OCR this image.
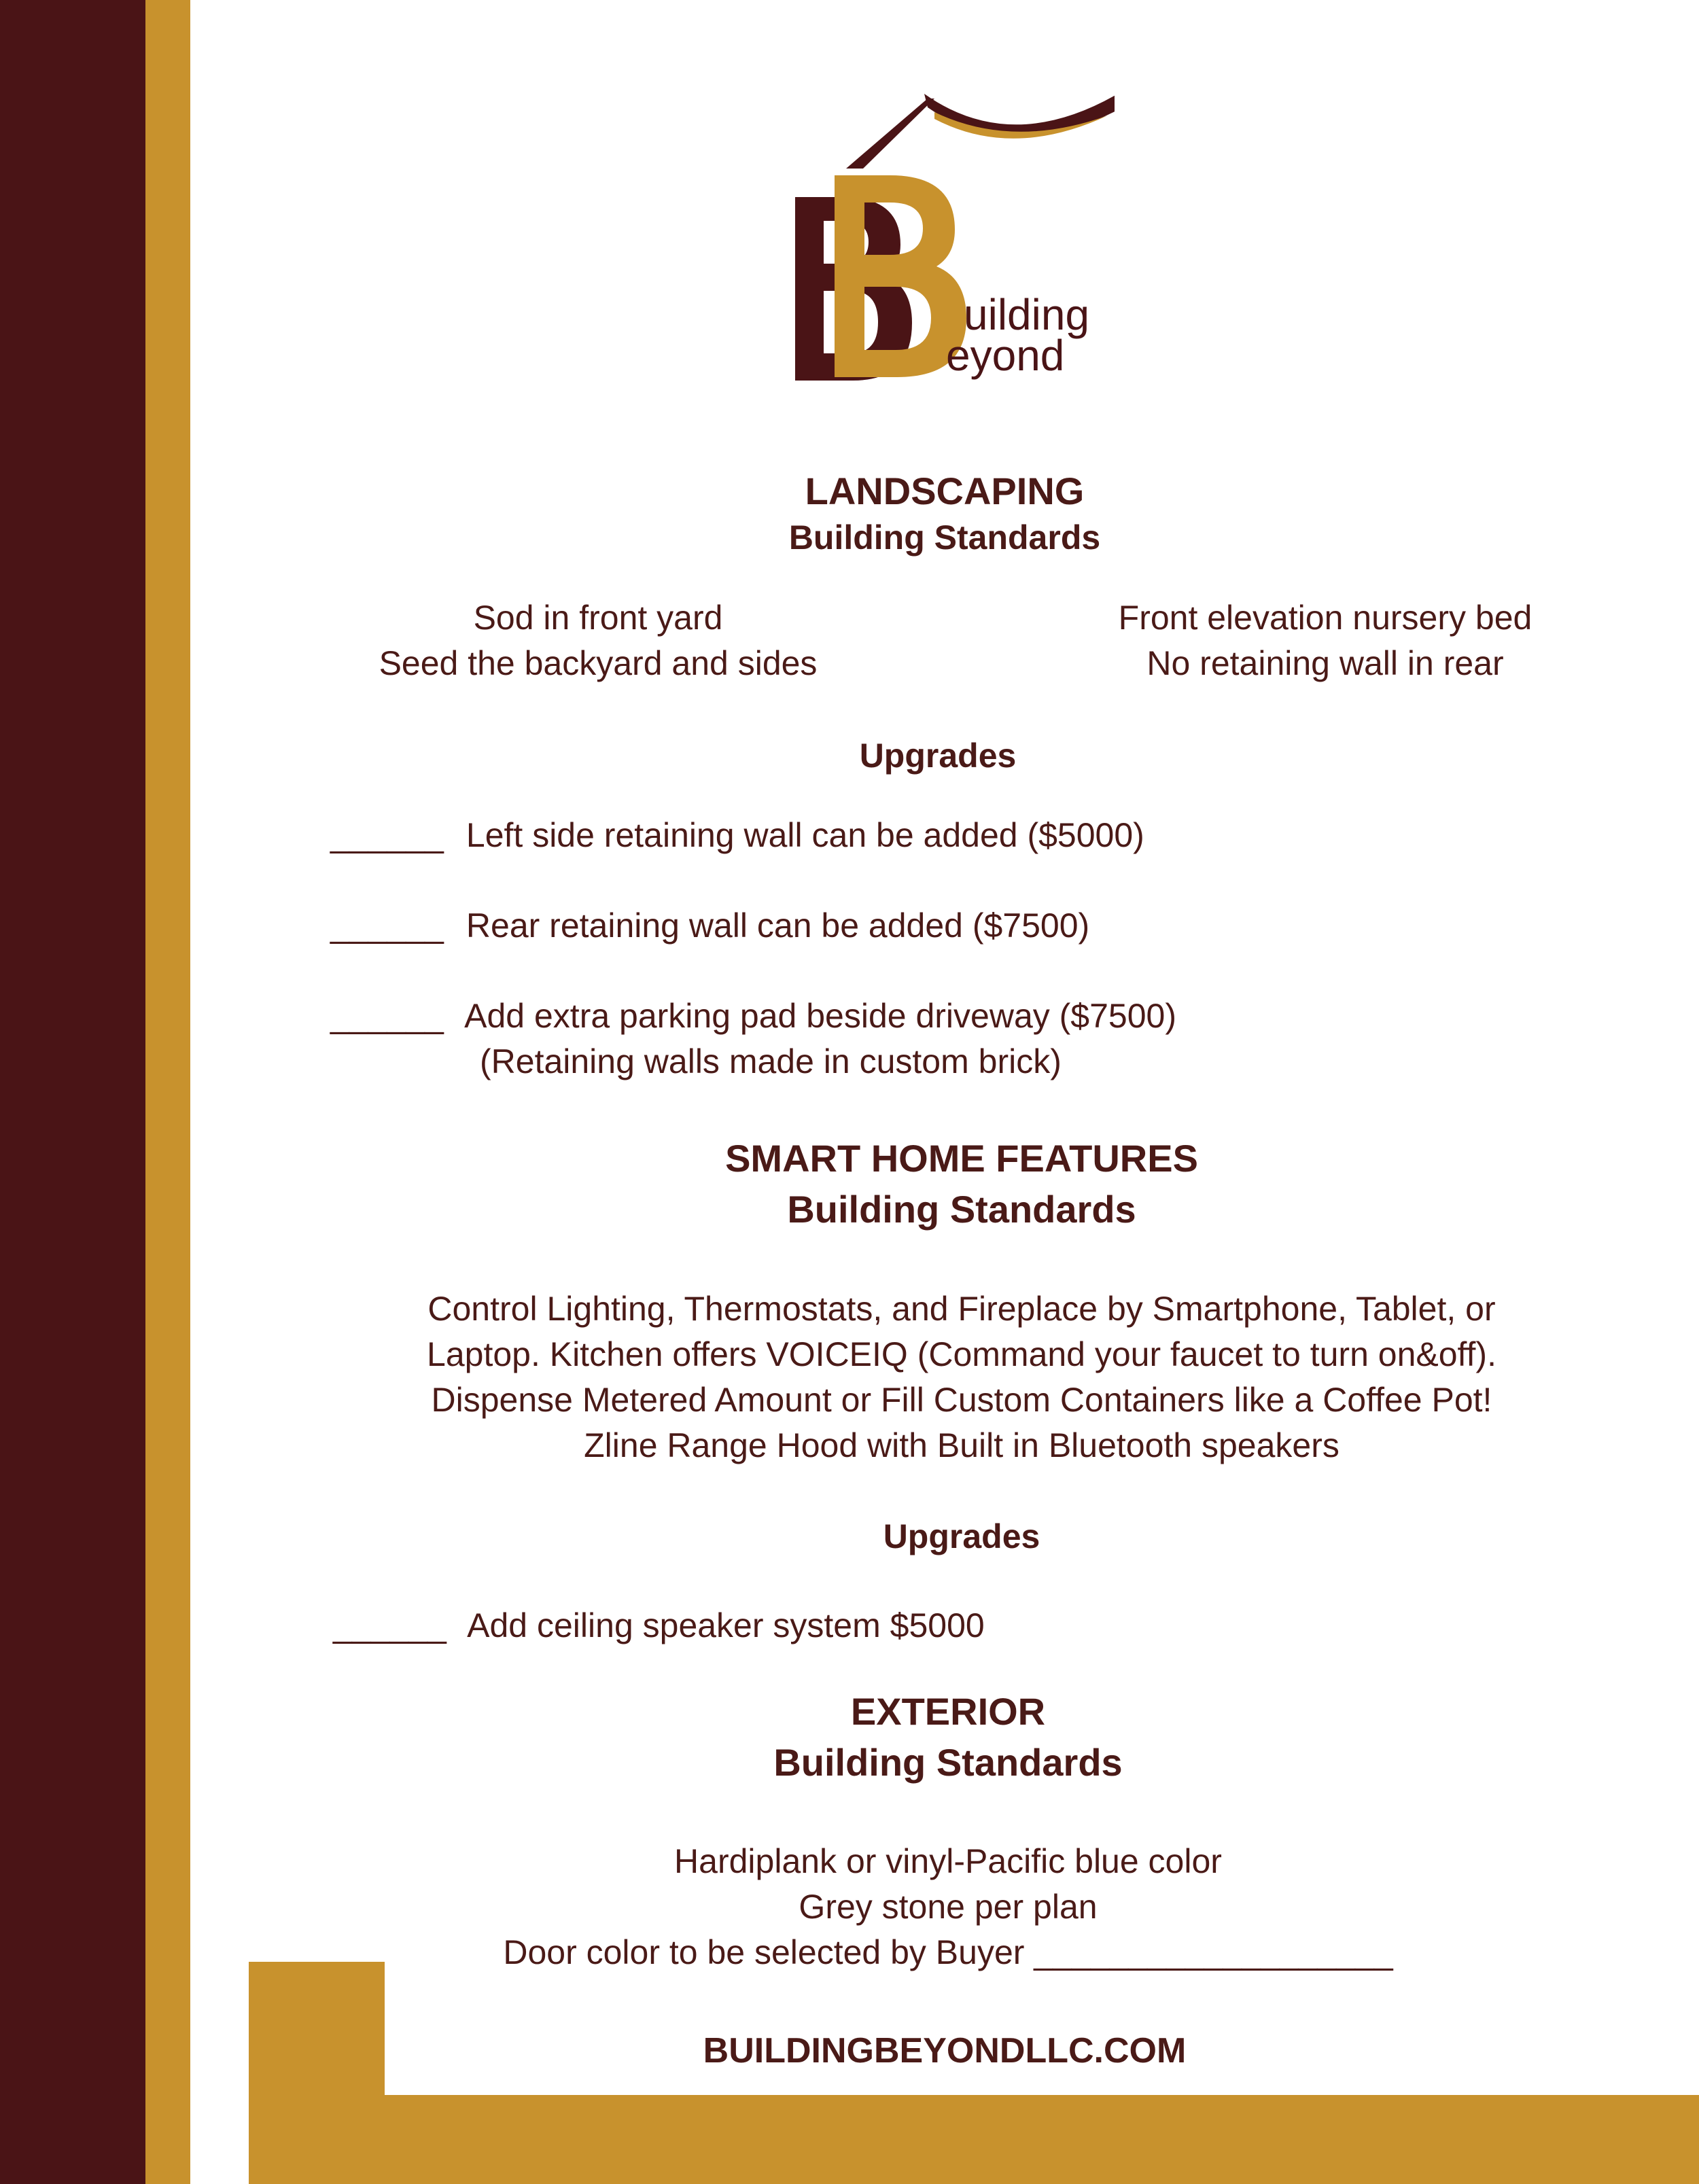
uilding
eyond
LANDSCAPING
Building Standards
Sod in front yard
Seed the backyard and sides
Front elevation nursery bed
No retaining wall in rear
Upgrades
______ Left side retaining wall can be added ($5000)
______ Rear retaining wall can be added ($7500)
______ Add extra parking pad beside driveway ($7500)
(Retaining walls made in custom brick)
SMART HOME FEATURES
Building Standards
Control Lighting, Thermostats, and Fireplace by Smartphone, Tablet, or
Laptop. Kitchen offers VOICEIQ (Command your faucet to turn on&off).
Dispense Metered Amount or Fill Custom Containers like a Coffee Pot!
Zline Range Hood with Built in Bluetooth speakers
Upgrades
______ Add ceiling speaker system $5000
EXTERIOR
Building Standards
Hardiplank or vinyl-Pacific blue color
Grey stone per plan
Door color to be selected by Buyer ___________________
BUILDINGBEYONDLLC.COM
